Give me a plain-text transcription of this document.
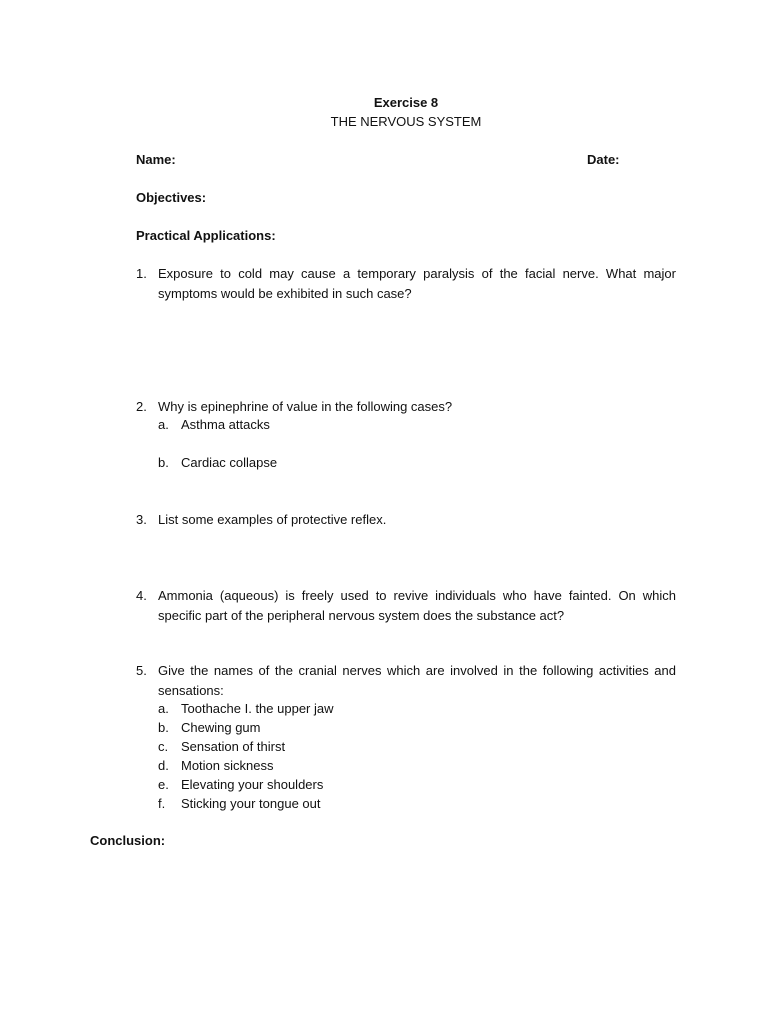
Exercise 8
THE NERVOUS SYSTEM
Name:	Date:
Objectives:
Practical Applications:
1. Exposure to cold may cause a temporary paralysis of the facial nerve. What major symptoms would be exhibited in such case?
2. Why is epinephrine of value in the following cases?
a. Asthma attacks
b. Cardiac collapse
3. List some examples of protective reflex.
4. Ammonia (aqueous) is freely used to revive individuals who have fainted. On which specific part of the peripheral nervous system does the substance act?
5. Give the names of the cranial nerves which are involved in the following activities and sensations:
a. Toothache I. the upper jaw
b. Chewing gum
c. Sensation of thirst
d. Motion sickness
e. Elevating your shoulders
f. Sticking your tongue out
Conclusion:
